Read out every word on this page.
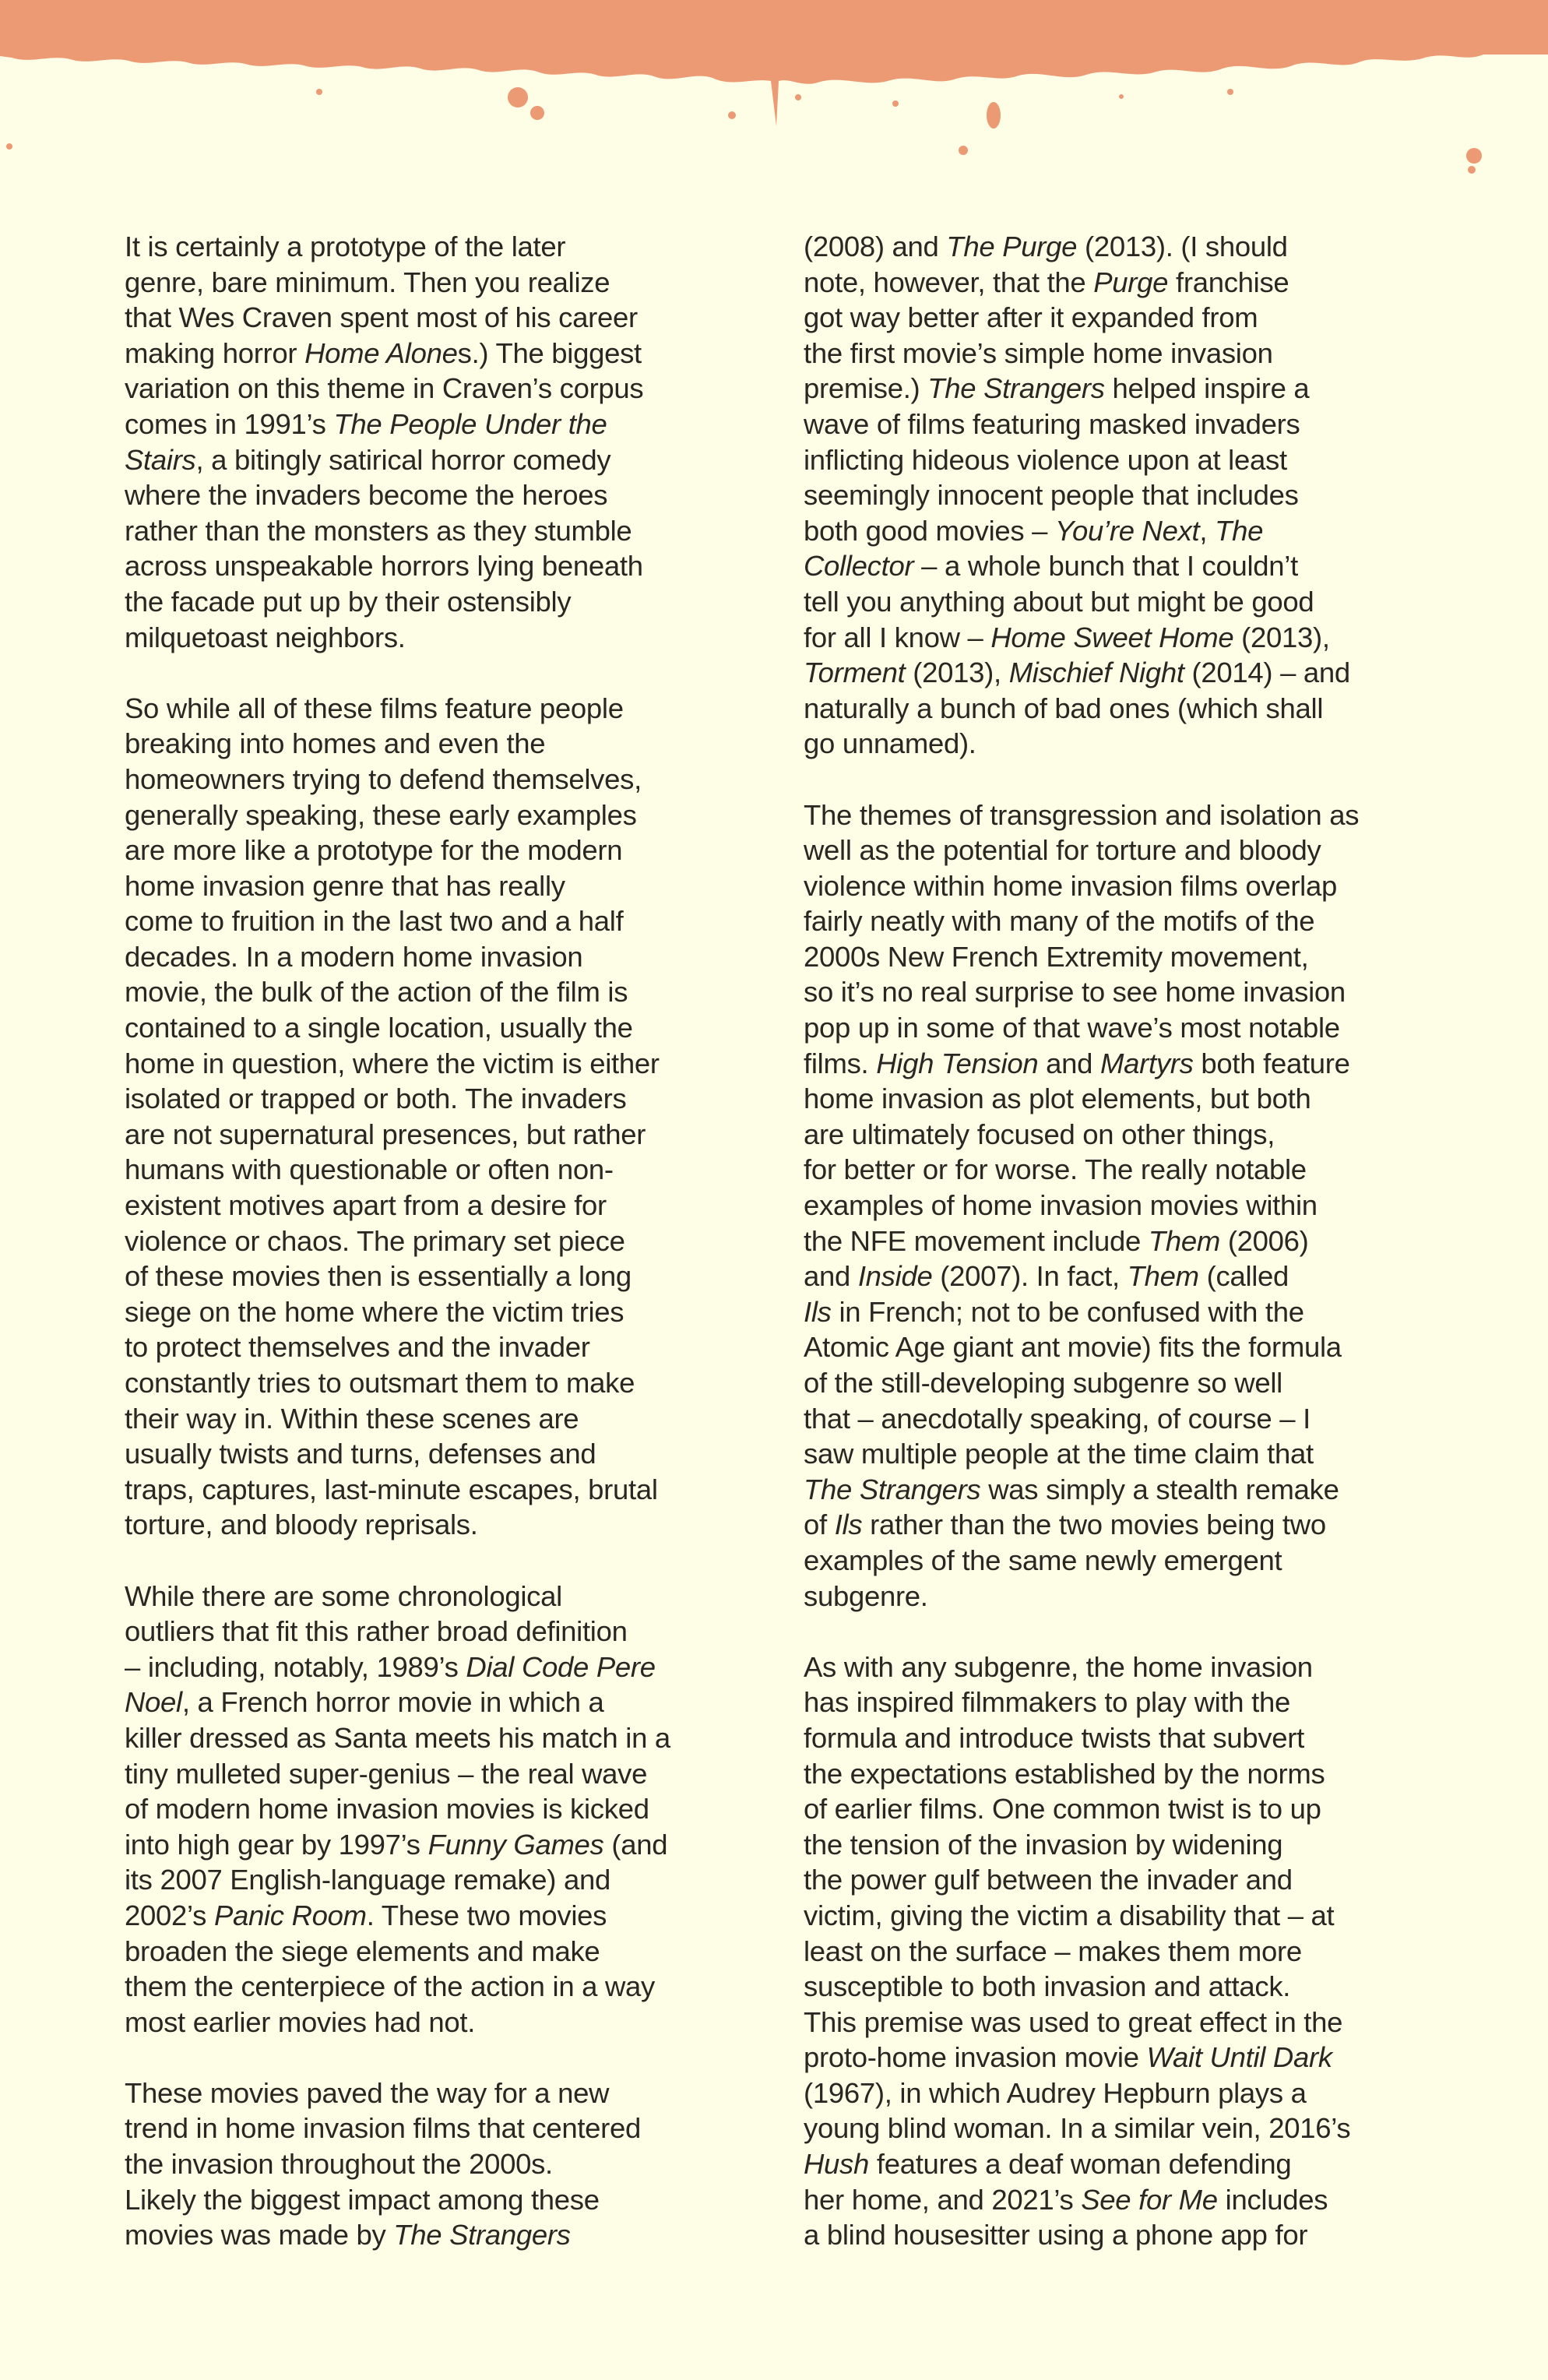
It is certainly a prototype of the later
genre, bare minimum. Then you realize
that Wes Craven spent most of his career
making horror Home Alones.) The biggest
variation on this theme in Craven’s corpus
comes in 1991’s The People Under the
Stairs, a bitingly satirical horror comedy
where the invaders become the heroes
rather than the monsters as they stumble
across unspeakable horrors lying beneath
the facade put up by their ostensibly
milquetoast neighbors.

So while all of these films feature people
breaking into homes and even the
homeowners trying to defend themselves,
generally speaking, these early examples
are more like a prototype for the modern
home invasion genre that has really
come to fruition in the last two and a half
decades. In a modern home invasion
movie, the bulk of the action of the film is
contained to a single location, usually the
home in question, where the victim is either
isolated or trapped or both. The invaders
are not supernatural presences, but rather
humans with questionable or often non-
existent motives apart from a desire for
violence or chaos. The primary set piece
of these movies then is essentially a long
siege on the home where the victim tries
to protect themselves and the invader
constantly tries to outsmart them to make
their way in. Within these scenes are
usually twists and turns, defenses and
traps, captures, last-minute escapes, brutal
torture, and bloody reprisals.

While there are some chronological
outliers that fit this rather broad definition
– including, notably, 1989’s Dial Code Pere
Noel, a French horror movie in which a
killer dressed as Santa meets his match in a
tiny mulleted super-genius – the real wave
of modern home invasion movies is kicked
into high gear by 1997’s Funny Games (and
its 2007 English-language remake) and
2002’s Panic Room. These two movies
broaden the siege elements and make
them the centerpiece of the action in a way
most earlier movies had not.

These movies paved the way for a new
trend in home invasion films that centered
the invasion throughout the 2000s.
Likely the biggest impact among these
movies was made by The Strangers

(2008) and The Purge (2013). (I should
note, however, that the Purge franchise
got way better after it expanded from
the first movie’s simple home invasion
premise.) The Strangers helped inspire a
wave of films featuring masked invaders
inflicting hideous violence upon at least
seemingly innocent people that includes
both good movies – You’re Next, The
Collector – a whole bunch that I couldn’t
tell you anything about but might be good
for all I know – Home Sweet Home (2013),
Torment (2013), Mischief Night (2014) – and
naturally a bunch of bad ones (which shall
go unnamed).

The themes of transgression and isolation as
well as the potential for torture and bloody
violence within home invasion films overlap
fairly neatly with many of the motifs of the
2000s New French Extremity movement,
so it’s no real surprise to see home invasion
pop up in some of that wave’s most notable
films. High Tension and Martyrs both feature
home invasion as plot elements, but both
are ultimately focused on other things,
for better or for worse. The really notable
examples of home invasion movies within
the NFE movement include Them (2006)
and Inside (2007). In fact, Them (called
Ils in French; not to be confused with the
Atomic Age giant ant movie) fits the formula
of the still-developing subgenre so well
that – anecdotally speaking, of course – I
saw multiple people at the time claim that
The Strangers was simply a stealth remake
of Ils rather than the two movies being two
examples of the same newly emergent
subgenre.

As with any subgenre, the home invasion
has inspired filmmakers to play with the
formula and introduce twists that subvert
the expectations established by the norms
of earlier films. One common twist is to up
the tension of the invasion by widening
the power gulf between the invader and
victim, giving the victim a disability that – at
least on the surface – makes them more
susceptible to both invasion and attack.
This premise was used to great effect in the
proto-home invasion movie Wait Until Dark
(1967), in which Audrey Hepburn plays a
young blind woman. In a similar vein, 2016’s
Hush features a deaf woman defending
her home, and 2021’s See for Me includes
a blind housesitter using a phone app for
